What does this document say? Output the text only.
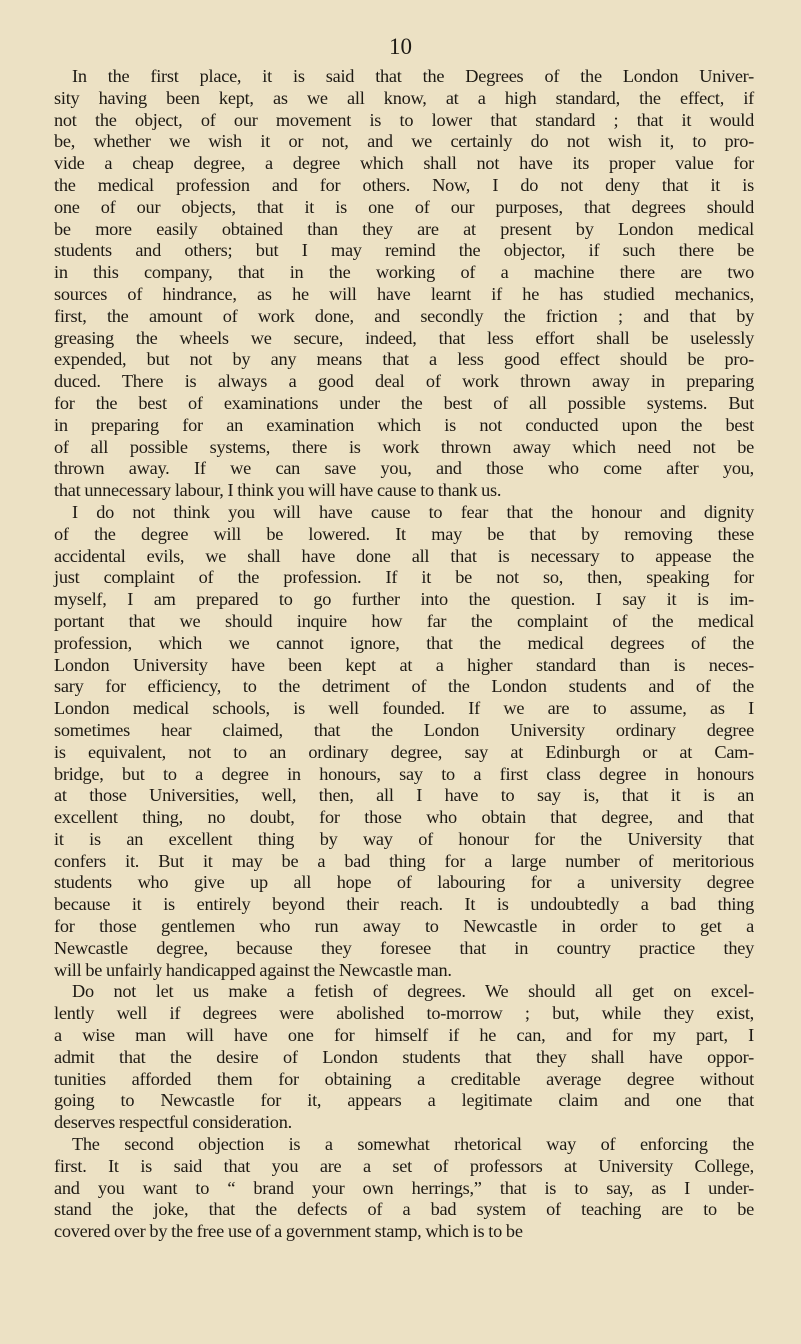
10

In the first place, it is said that the Degrees of the London Univer-

sity having been kept, as we all know, at a high standard, the effect, if

not the object, of our movement is to lower that standard ; that it would

be, whether we wish it or not, and we certainly do not wish it, to pro-

vide a cheap degree, a degree which shall not have its proper value for

the medical profession and for others. Now, I do not deny that it is

one of our objects, that it is one of our purposes, that degrees should

be more easily obtained than they are at present by London medical

students and others; but I may remind the objector, if such there be

in this company, that in the working of a machine there are two

sources of hindrance, as he will have learnt if he has studied mechanics,

first, the amount of work done, and secondly the friction ; and that by

greasing the wheels we secure, indeed, that less effort shall be uselessly

expended, but not by any means that a less good effect should be pro-

duced. There is always a good deal of work thrown away in preparing

for the best of examinations under the best of all possible systems. But

in preparing for an examination which is not conducted upon the best

of all possible systems, there is work thrown away which need not be

thrown away. If we can save you, and those who come after you,

that unnecessary labour, I think you will have cause to thank us.

I do not think you will have cause to fear that the honour and dignity

of the degree will be lowered. It may be that by removing these

accidental evils, we shall have done all that is necessary to appease the

just complaint of the profession. If it be not so, then, speaking for

myself, I am prepared to go further into the question. I say it is im-

portant that we should inquire how far the complaint of the medical

profession, which we cannot ignore, that the medical degrees of the

London University have been kept at a higher standard than is neces-

sary for efficiency, to the detriment of the London students and of the

London medical schools, is well founded. If we are to assume, as I

sometimes hear claimed, that the London University ordinary degree

is equivalent, not to an ordinary degree, say at Edinburgh or at Cam-

bridge, but to a degree in honours, say to a first class degree in honours

at those Universities, well, then, all I have to say is, that it is an

excellent thing, no doubt, for those who obtain that degree, and that

it is an excellent thing by way of honour for the University that

confers it. But it may be a bad thing for a large number of meritorious

students who give up all hope of labouring for a university degree

because it is entirely beyond their reach. It is undoubtedly a bad thing

for those gentlemen who run away to Newcastle in order to get a

Newcastle degree, because they foresee that in country practice they

will be unfairly handicapped against the Newcastle man.

Do not let us make a fetish of degrees. We should all get on excel-

lently well if degrees were abolished to-morrow ; but, while they exist,

a wise man will have one for himself if he can, and for my part, I

admit that the desire of London students that they shall have oppor-

tunities afforded them for obtaining a creditable average degree without

going to Newcastle for it, appears a legitimate claim and one that

deserves respectful consideration.

The second objection is a somewhat rhetorical way of enforcing the

first. It is said that you are a set of professors at University College,

and you want to “ brand your own herrings,” that is to say, as I under-

stand the joke, that the defects of a bad system of teaching are to be

covered over by the free use of a government stamp, which is to be
